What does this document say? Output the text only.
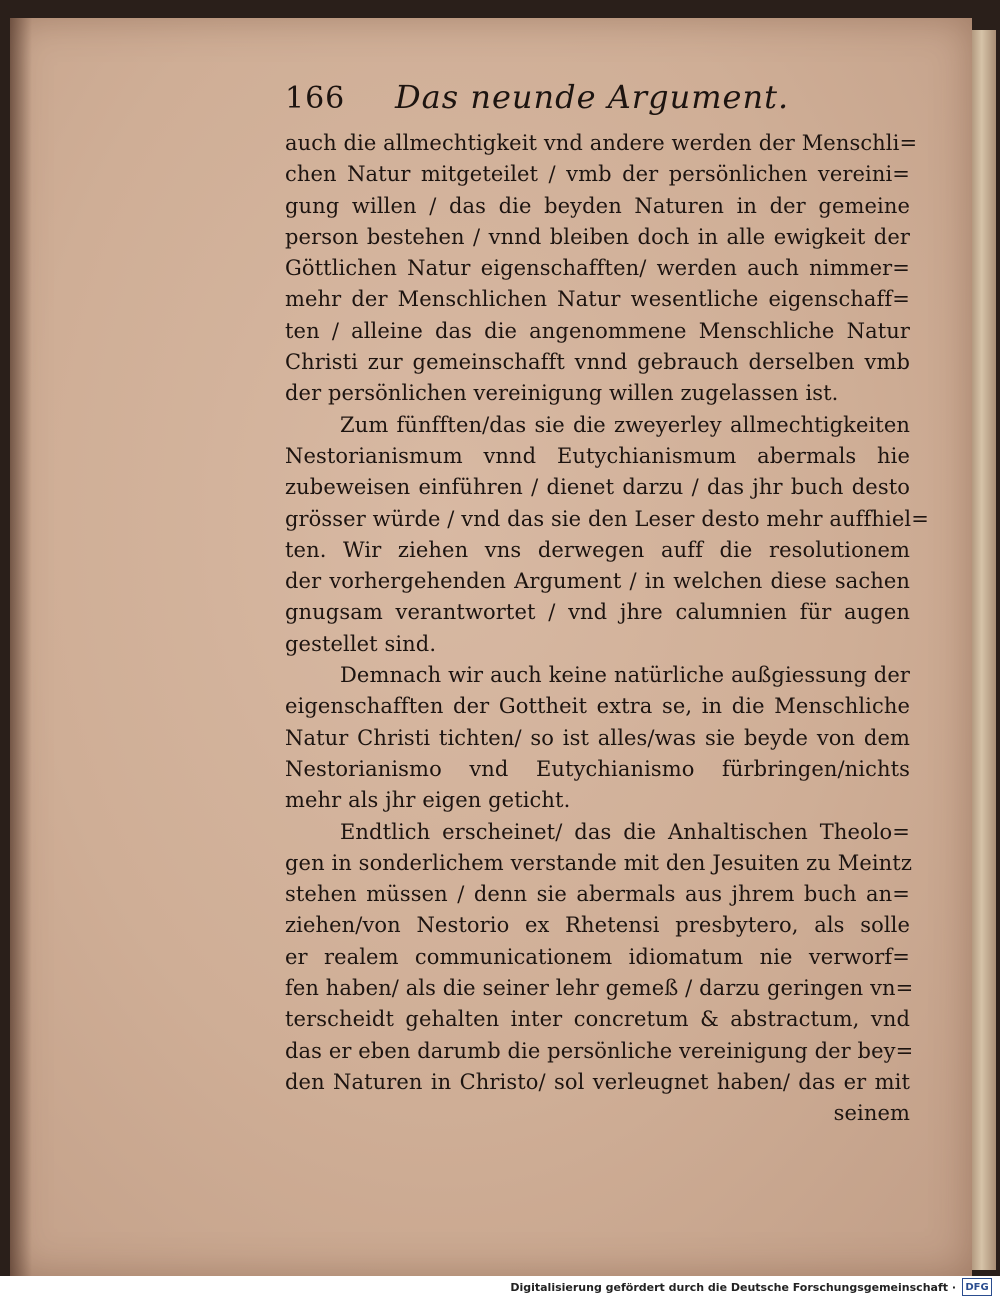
166	Das neunde Argument.
auch die allmechtigkeit vnd andere werden der Menschli=
chen Natur mitgeteilet / vmb der persönlichen vereini=
gung willen / das die beyden Naturen in der gemeine
person bestehen / vnnd bleiben doch in alle ewigkeit der
Göttlichen Natur eigenschafften/ werden auch nimmer=
mehr der Menschlichen Natur wesentliche eigenschaff=
ten / alleine das die angenommene Menschliche Natur
Christi zur gemeinschafft vnnd gebrauch derselben vmb
der persönlichen vereinigung willen zugelassen ist.
Zum fünfften/das sie die zweyerley allmechtigkeiten
Nestorianismum vnnd Eutychianismum abermals hie
zubeweisen einführen / dienet darzu / das jhr buch desto
grösser würde / vnd das sie den Leser desto mehr auffhiel=
ten. Wir ziehen vns derwegen auff die resolutionem
der vorhergehenden Argument / in welchen diese sachen
gnugsam verantwortet / vnd jhre calumnien für augen
gestellet sind.
Demnach wir auch keine natürliche außgiessung der
eigenschafften der Gottheit extra se, in die Menschliche
Natur Christi tichten/ so ist alles/was sie beyde von dem
Nestorianismo vnd Eutychianismo fürbringen/nichts
mehr als jhr eigen geticht.
Endtlich erscheinet/ das die Anhaltischen Theolo=
gen in sonderlichem verstande mit den Jesuiten zu Meintz
stehen müssen / denn sie abermals aus jhrem buch an=
ziehen/von Nestorio ex Rhetensi presbytero, als solle
er realem communicationem idiomatum nie verworf=
fen haben/ als die seiner lehr gemeß / darzu geringen vn=
terscheidt gehalten inter concretum & abstractum, vnd
das er eben darumb die persönliche vereinigung der bey=
den Naturen in Christo/ sol verleugnet haben/ das er mit
seinem
Digitalisierung gefördert durch die Deutsche Forschungsgemeinschaft · DFG
